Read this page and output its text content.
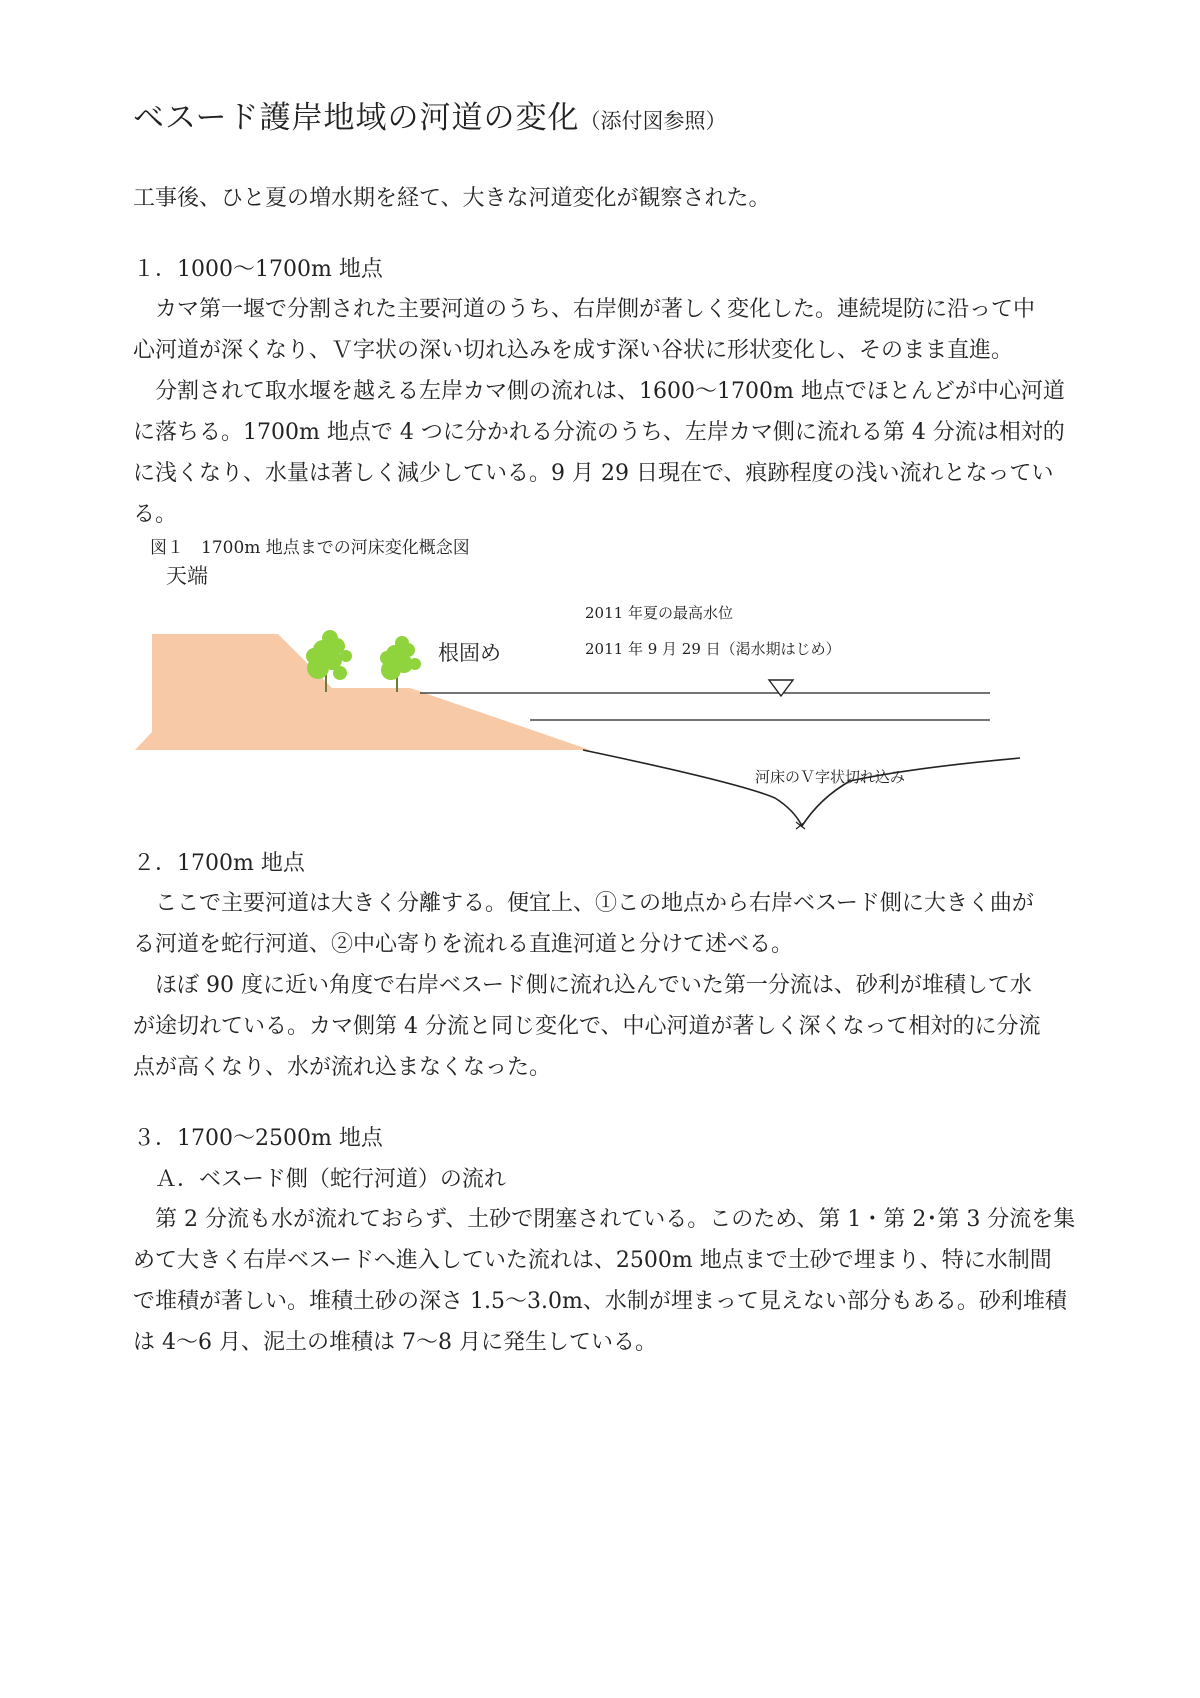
ベスード護岸地域の河道の変化（添付図参照）
工事後、ひと夏の増水期を経て、大きな河道変化が観察された。
１．1000～1700m 地点
　カマ第一堰で分割された主要河道のうち、右岸側が著しく変化した。連続堤防に沿って中
心河道が深くなり、Ｖ字状の深い切れ込みを成す深い谷状に形状変化し、そのまま直進。
　分割されて取水堰を越える左岸カマ側の流れは、1600～1700m 地点でほとんどが中心河道
に落ちる。1700m 地点で 4 つに分かれる分流のうち、左岸カマ側に流れる第 4 分流は相対的
に浅くなり、水量は著しく減少している。9 月 29 日現在で、痕跡程度の浅い流れとなってい
る。
図１　1700m 地点までの河床変化概念図
天端
根固め
2011 年夏の最高水位
2011 年 9 月 29 日（渇水期はじめ）
河床のＶ字状切れ込み
２．1700m 地点
　ここで主要河道は大きく分離する。便宜上、①この地点から右岸ベスード側に大きく曲が
る河道を蛇行河道、②中心寄りを流れる直進河道と分けて述べる。
　ほぼ 90 度に近い角度で右岸ベスード側に流れ込んでいた第一分流は、砂利が堆積して水
が途切れている。カマ側第 4 分流と同じ変化で、中心河道が著しく深くなって相対的に分流
点が高くなり、水が流れ込まなくなった。
３．1700～2500m 地点
　Ａ．ベスード側（蛇行河道）の流れ
　第 2 分流も水が流れておらず、土砂で閉塞されている。このため、第 1・第 2･第 3 分流を集
めて大きく右岸ベスードへ進入していた流れは、2500m 地点まで土砂で埋まり、特に水制間
で堆積が著しい。堆積土砂の深さ 1.5～3.0m、水制が埋まって見えない部分もある。砂利堆積
は 4～6 月、泥土の堆積は 7～8 月に発生している。
